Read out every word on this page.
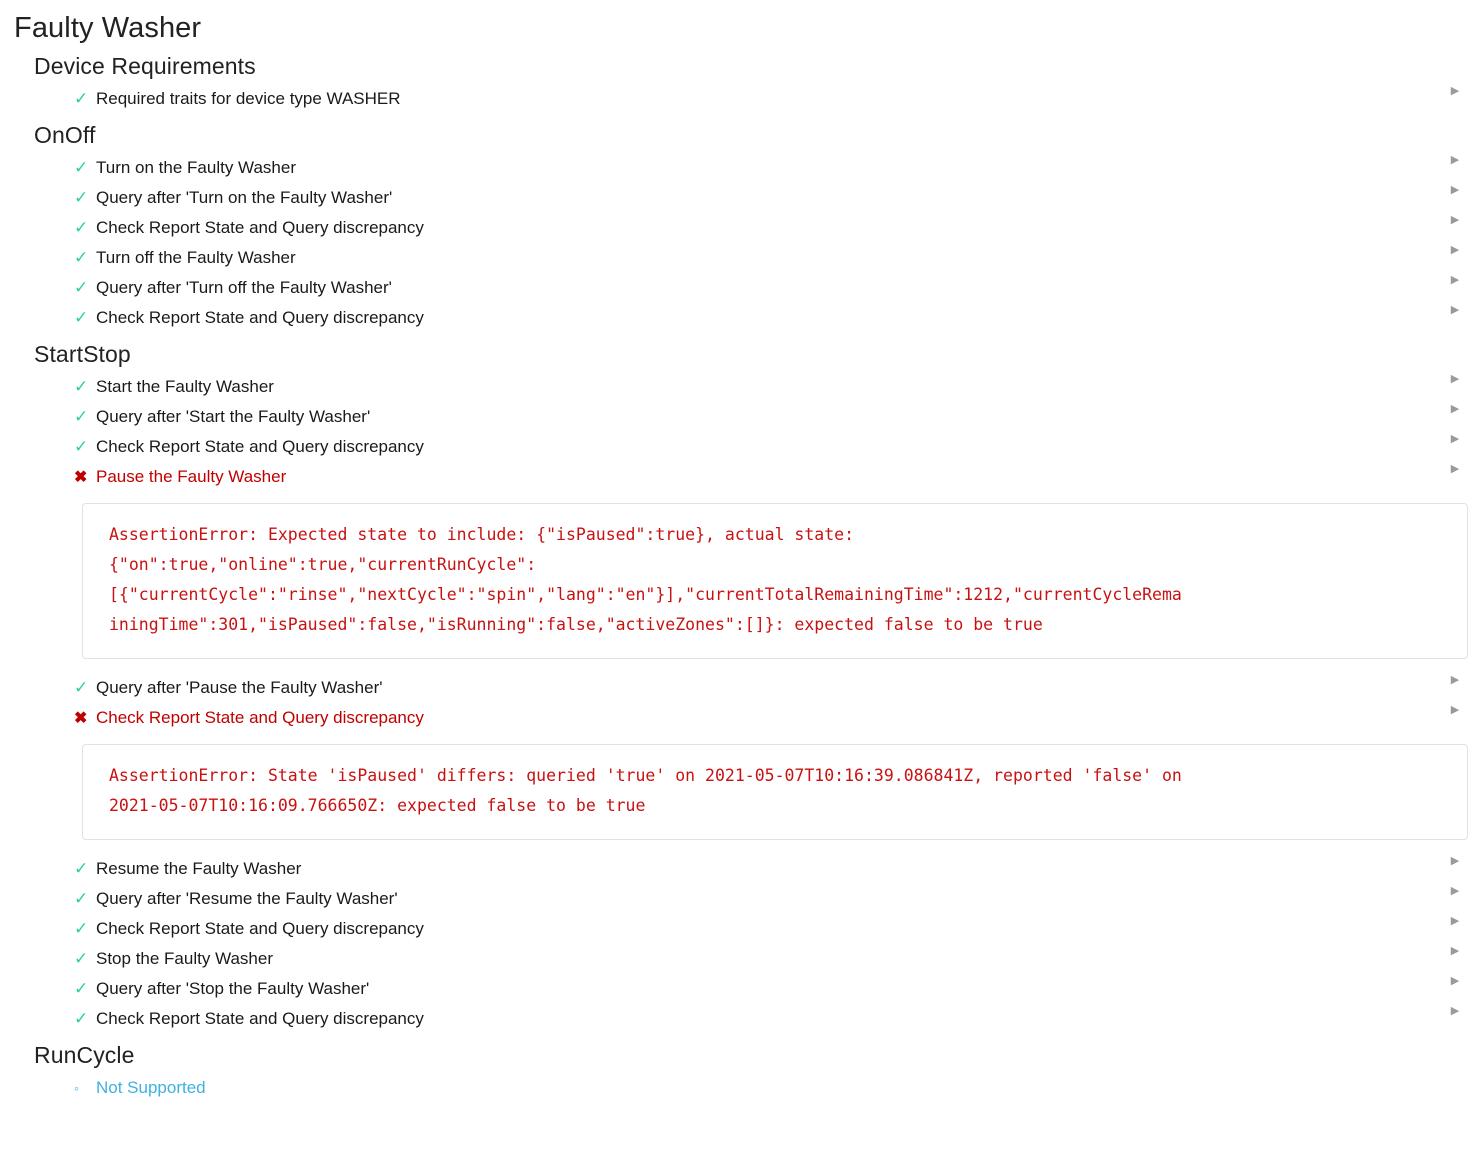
Faulty Washer
Device Requirements
✓ Required traits for device type WASHER	▶
OnOff
✓ Turn on the Faulty Washer	▶
✓ Query after 'Turn on the Faulty Washer'	▶
✓ Check Report State and Query discrepancy	▶
✓ Turn off the Faulty Washer	▶
✓ Query after 'Turn off the Faulty Washer'	▶
✓ Check Report State and Query discrepancy	▶
StartStop
✓ Start the Faulty Washer	▶
✓ Query after 'Start the Faulty Washer'	▶
✓ Check Report State and Query discrepancy	▶
✖ Pause the Faulty Washer	▶
AssertionError: Expected state to include: {"isPaused":true}, actual state:
{"on":true,"online":true,"currentRunCycle":
[{"currentCycle":"rinse","nextCycle":"spin","lang":"en"}],"currentTotalRemainingTime":1212,"currentCycleRema
iningTime":301,"isPaused":false,"isRunning":false,"activeZones":[]}: expected false to be true
✓ Query after 'Pause the Faulty Washer'	▶
✖ Check Report State and Query discrepancy	▶
AssertionError: State 'isPaused' differs: queried 'true' on 2021-05-07T10:16:39.086841Z, reported 'false' on
2021-05-07T10:16:09.766650Z: expected false to be true
✓ Resume the Faulty Washer	▶
✓ Query after 'Resume the Faulty Washer'	▶
✓ Check Report State and Query discrepancy	▶
✓ Stop the Faulty Washer	▶
✓ Query after 'Stop the Faulty Washer'	▶
✓ Check Report State and Query discrepancy	▶
RunCycle
◦	Not Supported
